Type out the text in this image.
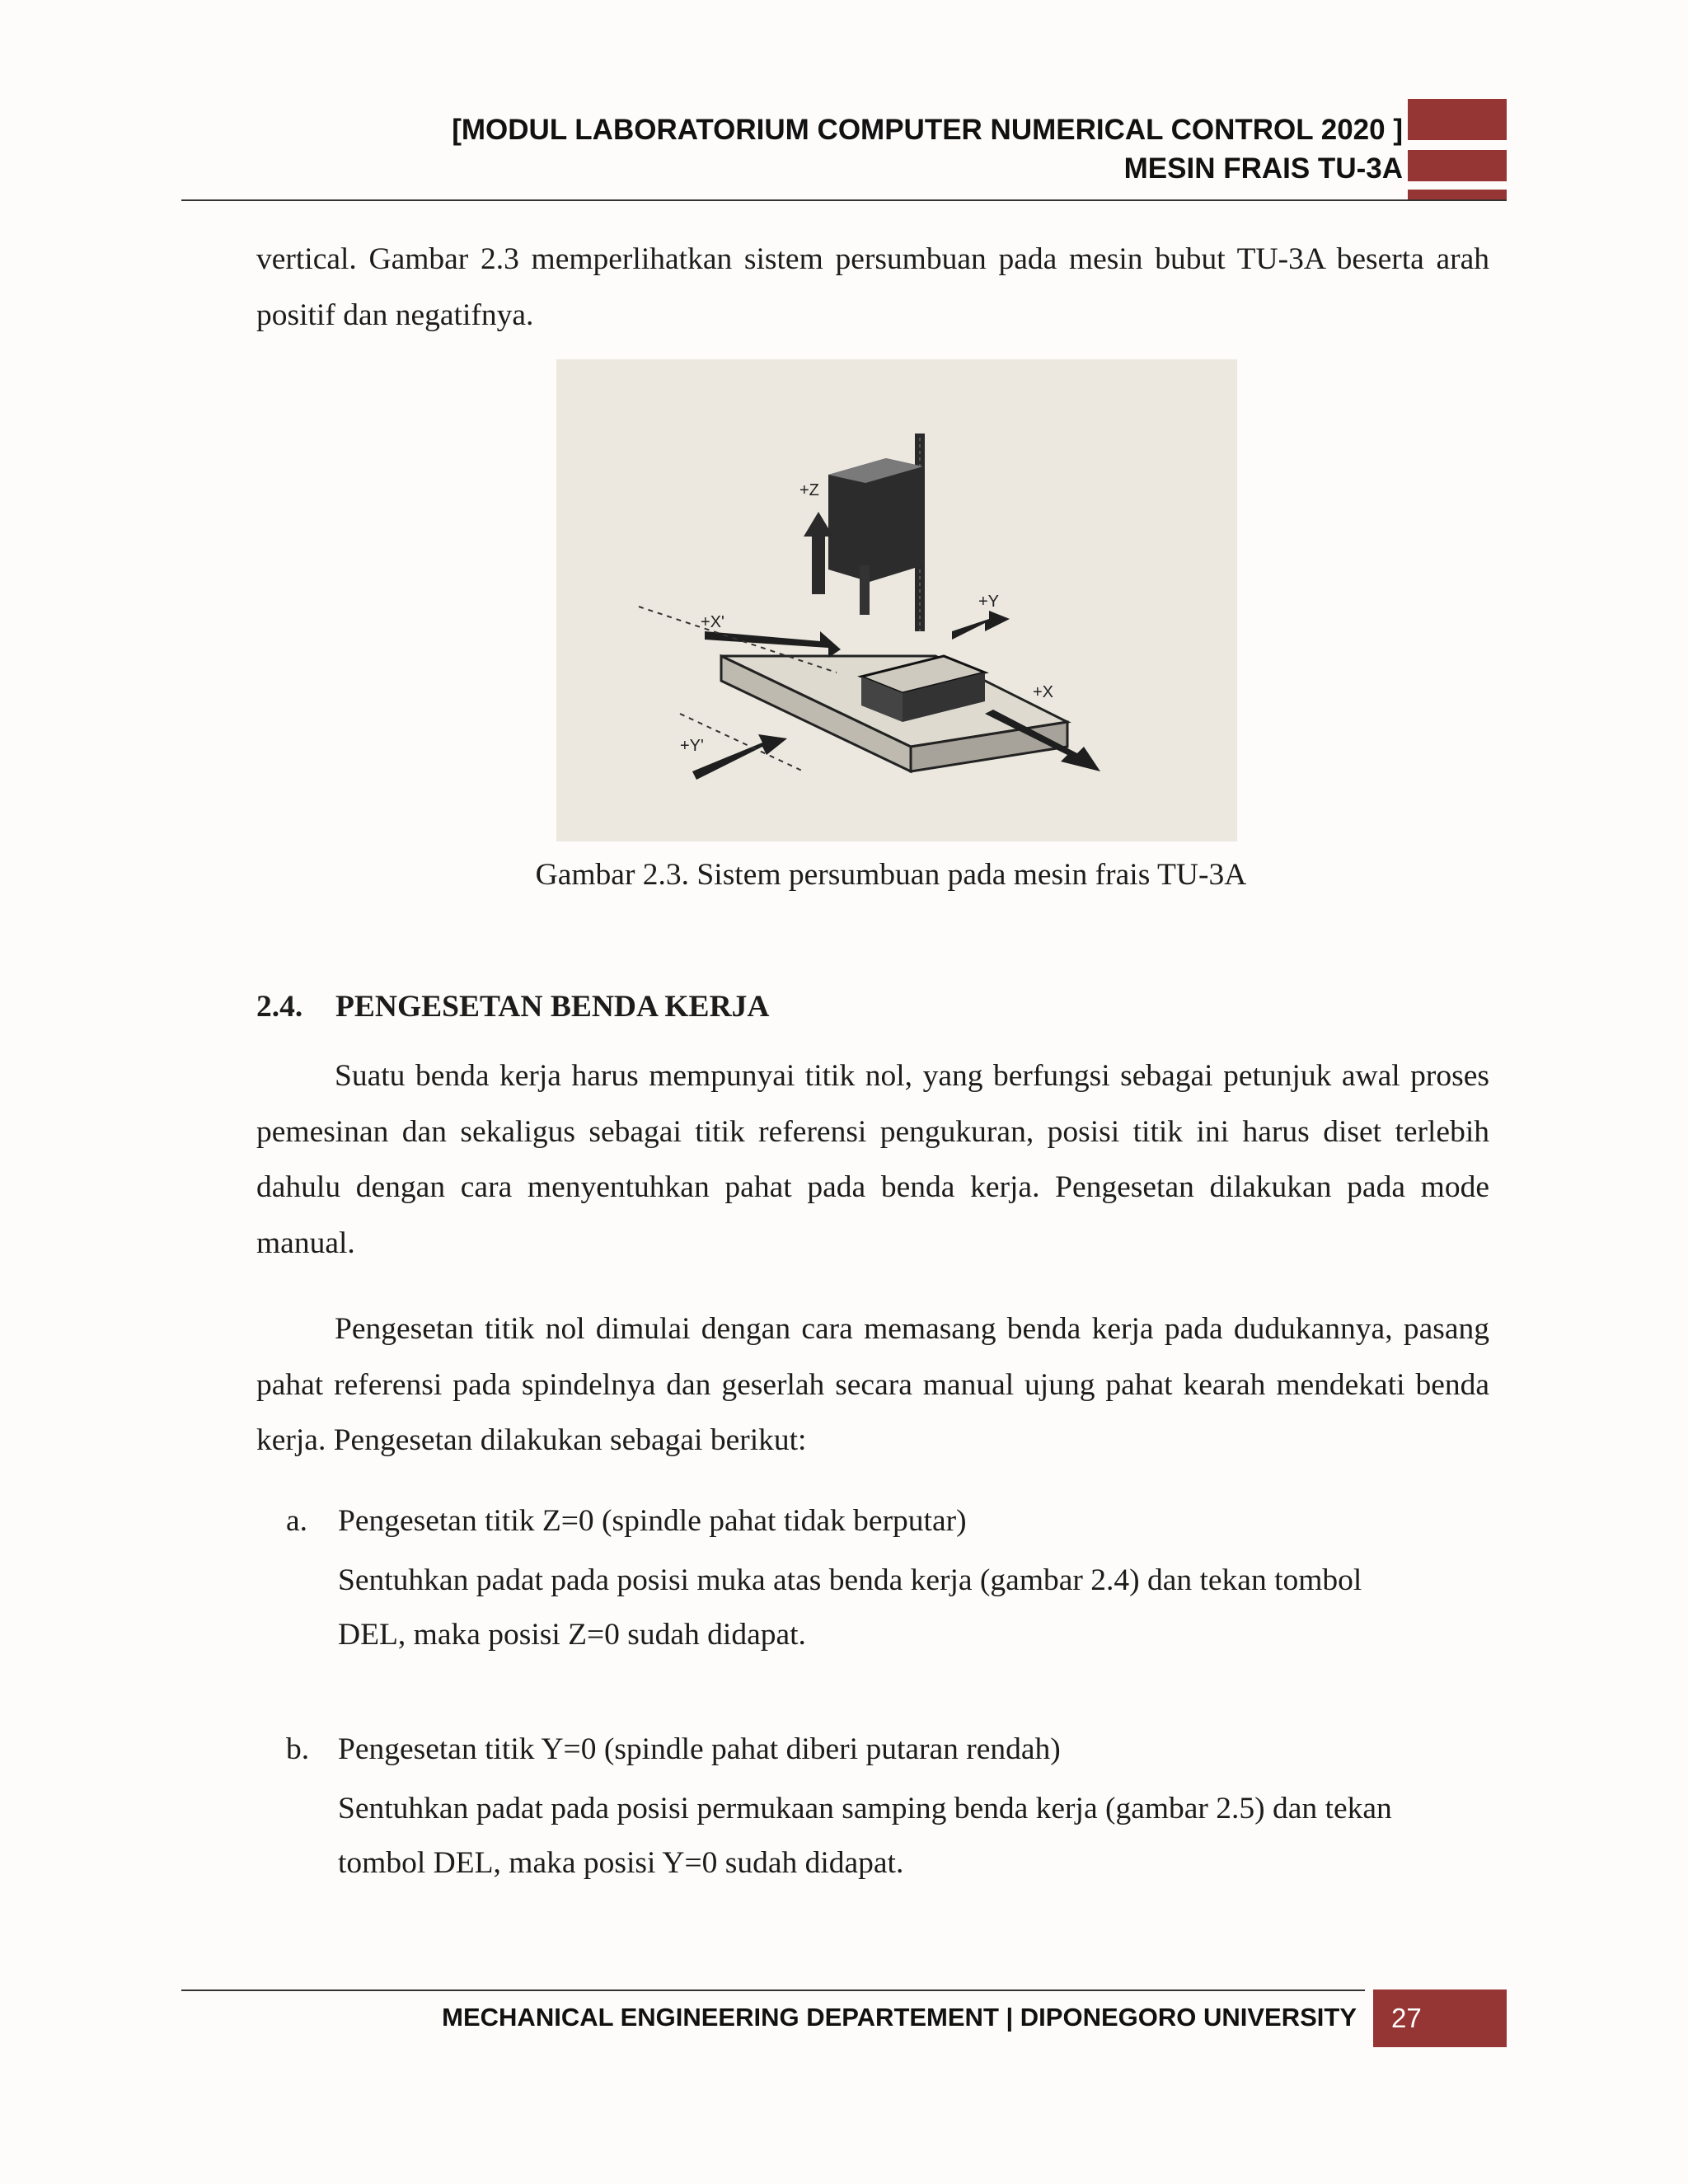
[MODUL LABORATORIUM COMPUTER NUMERICAL CONTROL 2020 ]
MESIN FRAIS TU-3A
vertical. Gambar 2.3 memperlihatkan sistem persumbuan pada mesin bubut TU-3A beserta arah positif dan negatifnya.
+Z
+X'
+Y
+X
+Y'
Gambar 2.3. Sistem persumbuan pada mesin frais TU-3A
2.4. PENGESETAN BENDA KERJA
Suatu benda kerja harus mempunyai titik nol, yang berfungsi sebagai petunjuk awal proses pemesinan dan sekaligus sebagai titik referensi pengukuran, posisi titik ini harus diset terlebih dahulu dengan cara menyentuhkan pahat pada benda kerja. Pengesetan dilakukan pada mode manual.
Pengesetan titik nol dimulai dengan cara memasang benda kerja pada dudukannya, pasang pahat referensi pada spindelnya dan geserlah secara manual ujung pahat kearah mendekati benda kerja. Pengesetan dilakukan sebagai berikut:
a. Pengesetan titik Z=0 (spindle pahat tidak berputar)
Sentuhkan padat pada posisi muka atas benda kerja (gambar 2.4) dan tekan tombol
DEL, maka posisi Z=0 sudah didapat.
b. Pengesetan titik Y=0 (spindle pahat diberi putaran rendah)
Sentuhkan padat pada posisi permukaan samping benda kerja (gambar 2.5) dan tekan
tombol DEL, maka posisi Y=0 sudah didapat.
MECHANICAL ENGINEERING DEPARTEMENT | DIPONEGORO UNIVERSITY	27
